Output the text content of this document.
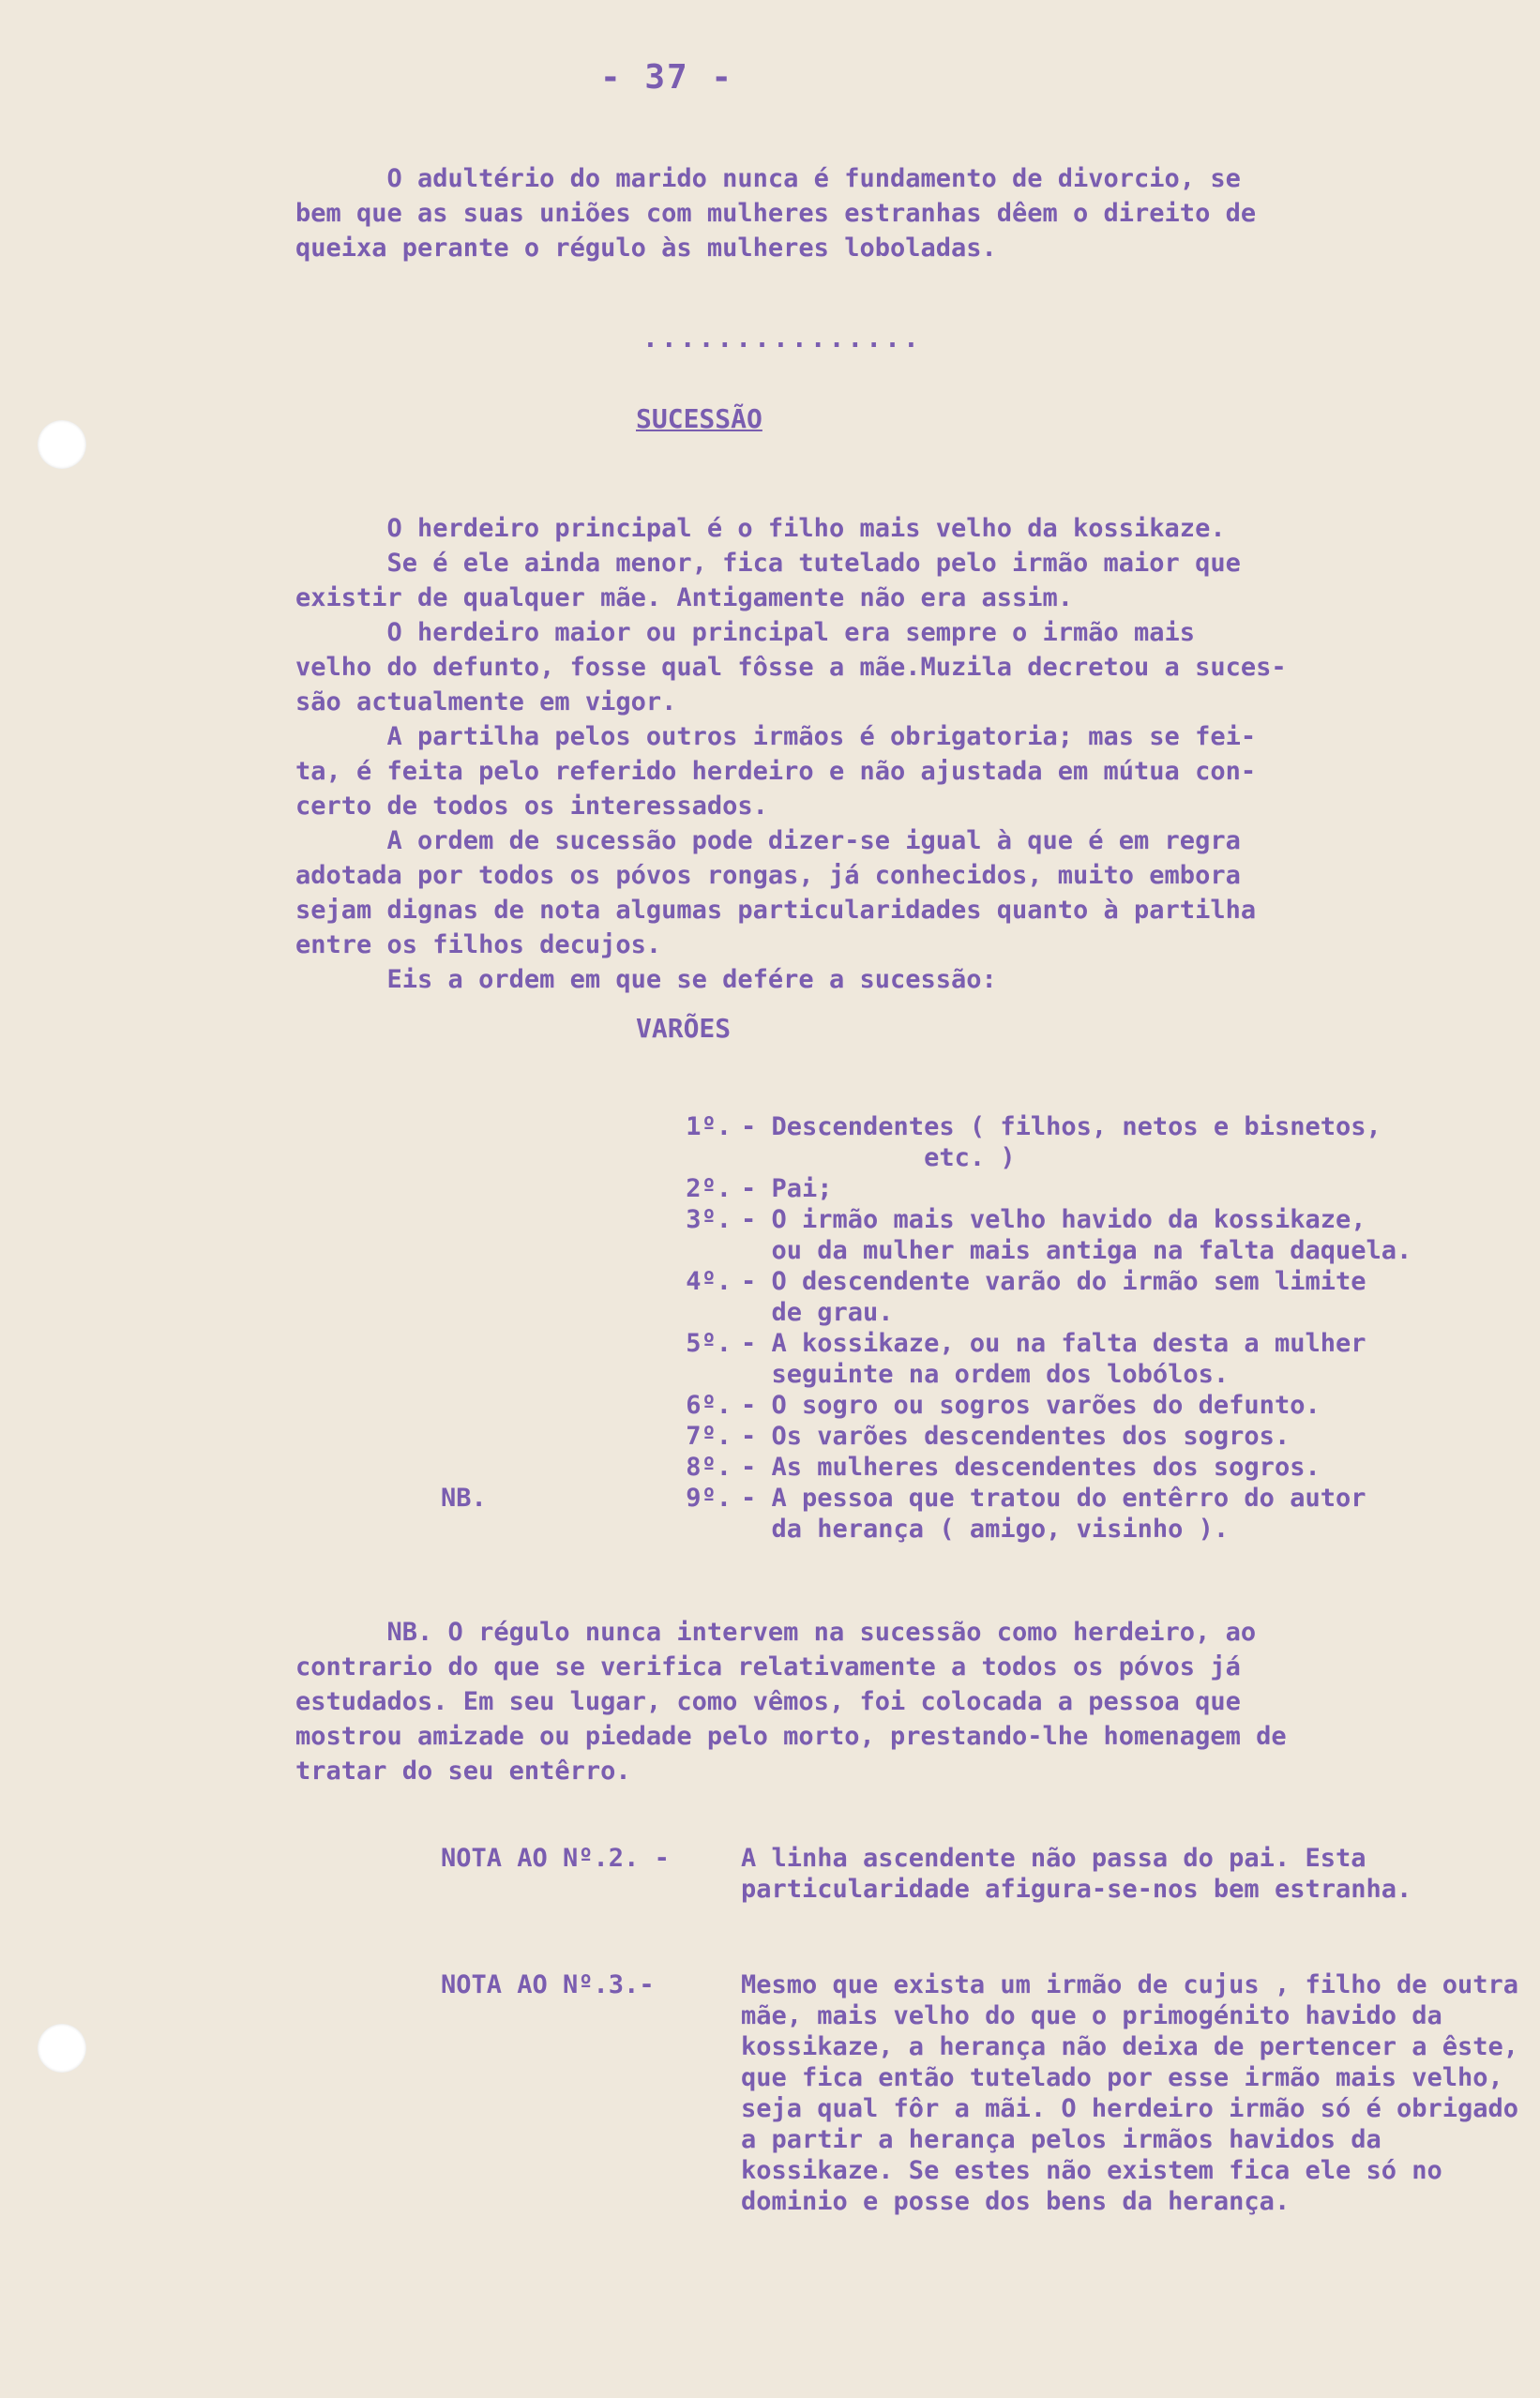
- 37 -
O adultério do marido nunca é fundamento de divorcio, se
bem que as suas uniões com mulheres estranhas dêem o direito de
queixa perante o régulo às mulheres loboladas.
...............
SUCESSÃO
O herdeiro principal é o filho mais velho da kossikaze.
Se é ele ainda menor, fica tutelado pelo irmão maior que
existir de qualquer mãe. Antigamente não era assim.
O herdeiro maior ou principal era sempre o irmão mais
velho do defunto, fosse qual fôsse a mãe.Muzila decretou a suces-
são actualmente em vigor.
A partilha pelos outros irmãos é obrigatoria; mas se fei-
ta, é feita pelo referido herdeiro e não ajustada em mútua con-
certo de todos os interessados.
A ordem de sucessão pode dizer-se igual à que é em regra
adotada por todos os póvos rongas, já conhecidos, muito embora
sejam dignas de nota algumas particularidades quanto à partilha
entre os filhos decujos.
Eis a ordem em que se defére a sucessão:
VARÕES
1º. - Descendentes ( filhos, netos e bisnetos,
etc. )
2º. - Pai;
3º. - O irmão mais velho havido da kossikaze,
ou da mulher mais antiga na falta daquela.
4º. - O descendente varão do irmão sem limite
de grau.
5º. - A kossikaze, ou na falta desta a mulher
seguinte na ordem dos lobólos.
6º. - O sogro ou sogros varões do defunto.
7º. - Os varões descendentes dos sogros.
8º. - As mulheres descendentes dos sogros.
NB.	9º. - A pessoa que tratou do entêrro do autor
da herança ( amigo, visinho ).
NB. O régulo nunca intervem na sucessão como herdeiro, ao
contrario do que se verifica relativamente a todos os póvos já
estudados. Em seu lugar, como vêmos, foi colocada a pessoa que
mostrou amizade ou piedade pelo morto, prestando-lhe homenagem de
tratar do seu entêrro.
NOTA AO Nº.2. -	A linha ascendente não passa do pai. Esta particularidade afigura-se-nos bem estranha.
NOTA AO Nº.3.-	Mesmo que exista um irmão de cujus , filho de outra mãe, mais velho do que o primogénito havido da kossikaze, a herança não deixa de pertencer a êste, que fica então tutelado por esse irmão mais velho, seja qual fôr a mãi. O herdeiro irmão só é obrigado a partir a herança pelos irmãos havidos da kossikaze. Se estes não existem fica ele só no dominio e posse dos bens da herança.
